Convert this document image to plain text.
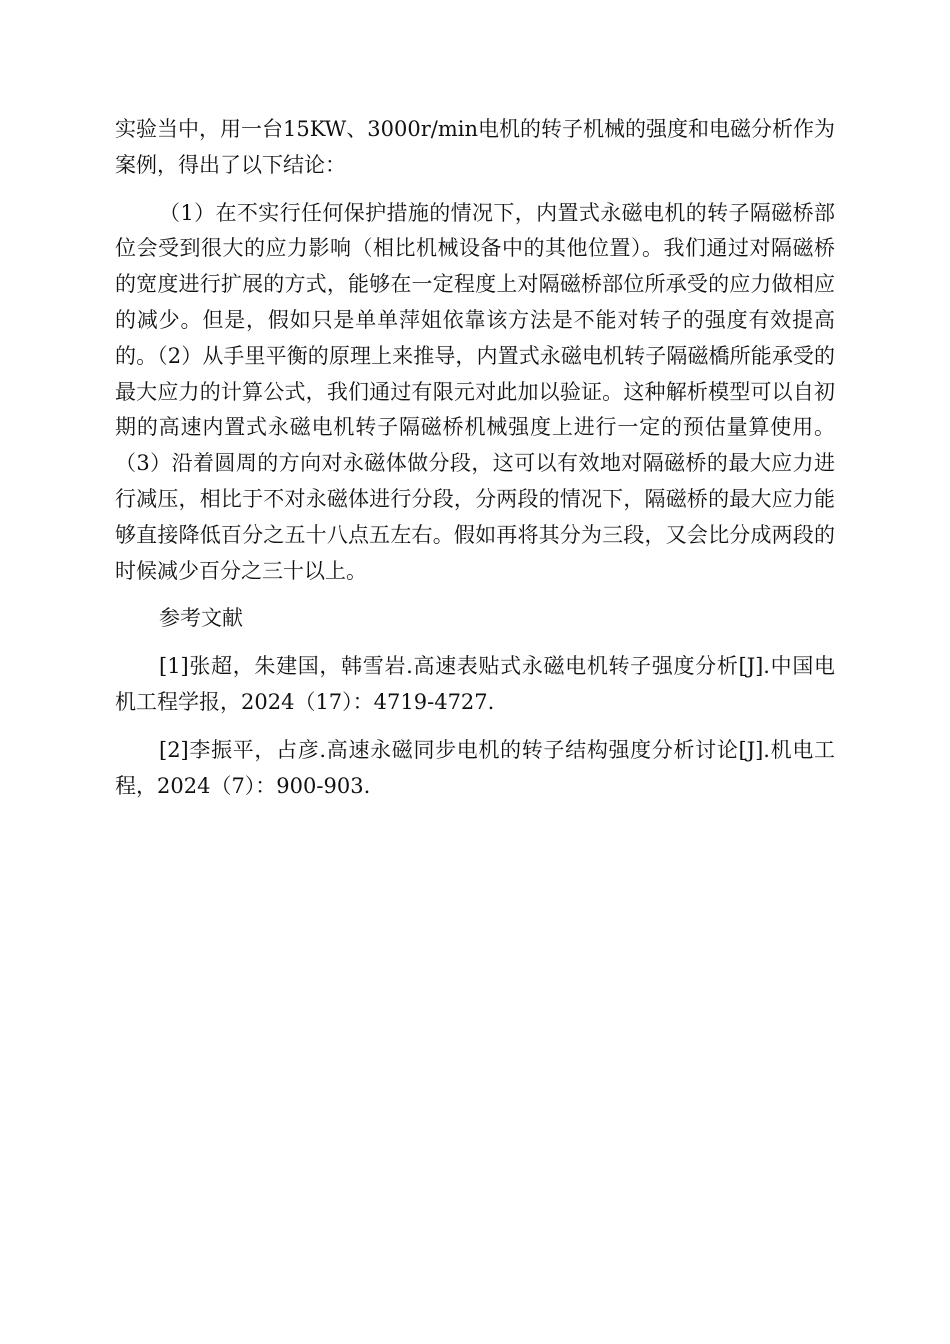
实验当中，用一台15KW、3000r/min电机的转子机械的强度和电磁分析作为案例，得出了以下结论：

（1）在不实行任何保护措施的情况下，内置式永磁电机的转子隔磁桥部位会受到很大的应力影响（相比机械设备中的其他位置）。我们通过对隔磁桥的宽度进行扩展的方式，能够在一定程度上对隔磁桥部位所承受的应力做相应的减少。但是，假如只是单单萍姐依靠该方法是不能对转子的强度有效提高的。（2）从手里平衡的原理上来推导，内置式永磁电机转子隔磁橋所能承受的最大应力的计算公式，我们通过有限元对此加以验证。这种解析模型可以自初期的高速内置式永磁电机转子隔磁桥机械强度上进行一定的预估量算使用。（3）沿着圆周的方向对永磁体做分段，这可以有效地对隔磁桥的最大应力进行减压，相比于不对永磁体进行分段，分两段的情况下，隔磁桥的最大应力能够直接降低百分之五十八点五左右。假如再将其分为三段，又会比分成两段的时候减少百分之三十以上。

参考文献

[1]张超，朱建国，韩雪岩.高速表贴式永磁电机转子强度分析[J].中国电机工程学报，2024（17）：4719-4727.

[2]李振平，占彦.高速永磁同步电机的转子结构强度分析讨论[J].机电工程，2024（7）：900-903.
